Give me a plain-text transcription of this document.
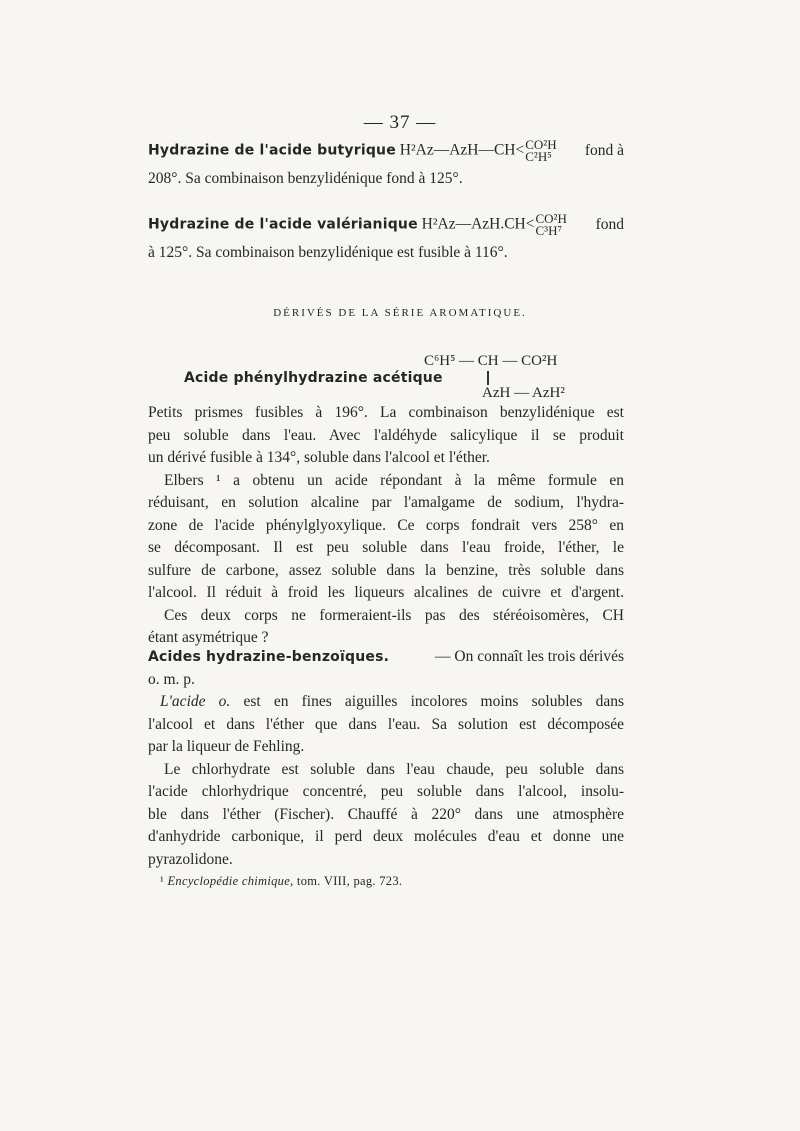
— 37 —

Hydrazine de l'acide butyrique H²Az—AzH—CH< CO²H
C²H⁵	fond à

208°. Sa combinaison benzylidénique fond à 125°.

Hydrazine de l'acide valérianique H²Az—AzH.CH< CO²H
C³H⁷	fond

à 125°. Sa combinaison benzylidénique est fusible à 116°.

DÉRIVÉS DE LA SÉRIE AROMATIQUE.
C⁶H⁵ — CH — CO²H
AzH — AzH²
Acide phénylhydrazine acétique

Petits prismes fusibles à 196°. La combinaison benzylidénique est

peu soluble dans l'eau. Avec l'aldéhyde salicylique il se produit

un dérivé fusible à 134°, soluble dans l'alcool et l'éther.

Elbers ¹ a obtenu un acide répondant à la même formule en

réduisant, en solution alcaline par l'amalgame de sodium, l'hydra-

zone de l'acide phénylglyoxylique. Ce corps fondrait vers 258° en

se décomposant. Il est peu soluble dans l'eau froide, l'éther, le

sulfure de carbone, assez soluble dans la benzine, très soluble dans

l'alcool. Il réduit à froid les liqueurs alcalines de cuivre et d'argent.

Ces deux corps ne formeraient-ils pas des stéréoisomères, CH

étant asymétrique ?

Acides hydrazine-benzoïques.	— On connaît les trois dérivés

o. m. p.

L'acide o. est en fines aiguilles incolores moins solubles dans

l'alcool et dans l'éther que dans l'eau. Sa solution est décomposée

par la liqueur de Fehling.

Le chlorhydrate est soluble dans l'eau chaude, peu soluble dans

l'acide chlorhydrique concentré, peu soluble dans l'alcool, insolu-

ble dans l'éther (Fischer). Chauffé à 220° dans une atmosphère

d'anhydride carbonique, il perd deux molécules d'eau et donne une

pyrazolidone.

¹ Encyclopédie chimique, tom. VIII, pag. 723.
